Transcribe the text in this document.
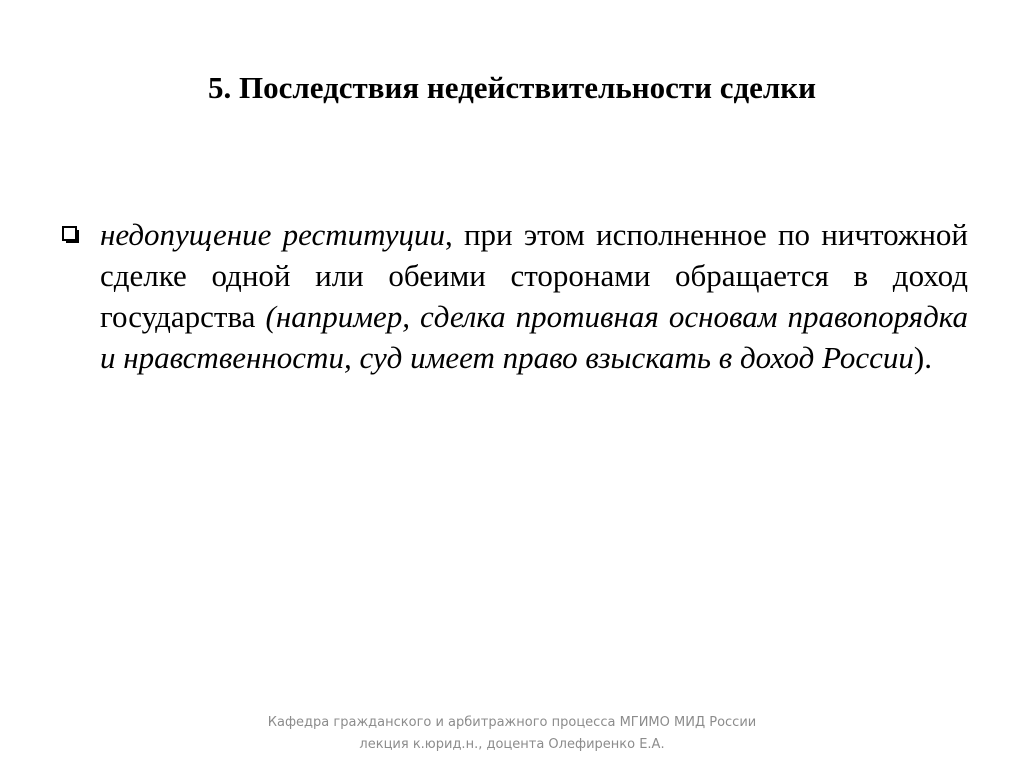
5. Последствия недействительности сделки
недопущение реституции, при этом исполненное по ничтожной сделке одной или обеими сторонами обращается в доход государства (например, сделка противная основам правопорядка и нравственности, суд имеет право взыскать в доход России).
Кафедра гражданского и арбитражного процесса МГИМО МИД России
лекция к.юрид.н., доцента Олефиренко Е.А.
